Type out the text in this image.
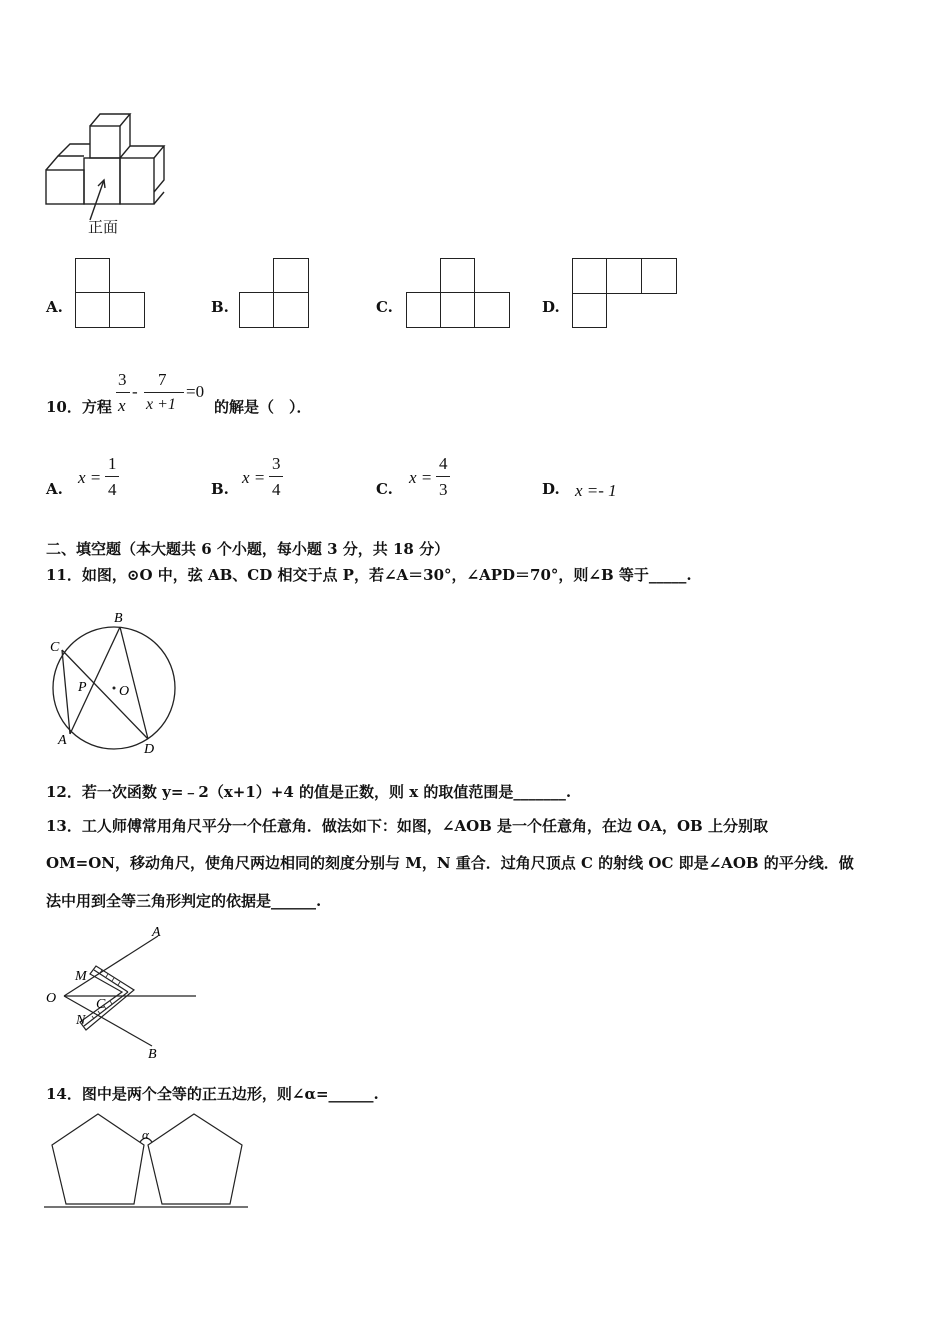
正面
A.	B.	C.	D.
10．方程
3
x
-
7
x +1
=0
的解是（　）．
A.
x =
1
4	B.
x =
3
4	C.
x =
4
3	D. x =- 1
二、填空题（本大题共 6 个小题，每小题 3 分，共 18 分）
11．如图，⊙O 中，弦 AB、CD 相交于点 P，若∠A＝30°，∠APD＝70°，则∠B 等于_____.
B
C
P O
A
D
12．若一次函数 y=﹣2（x+1）+4 的值是正数，则 x 的取值范围是_______.
13．工人师傅常用角尺平分一个任意角．做法如下：如图，∠AOB 是一个任意角，在边 OA，OB 上分别取
OM=ON，移动角尺，使角尺两边相同的刻度分别与 M，N 重合．过角尺顶点 C 的射线 OC 即是∠AOB 的平分线．做
法中用到全等三角形判定的依据是______.
A
M
O	C
N
B
14．图中是两个全等的正五边形，则∠α=______.
α
